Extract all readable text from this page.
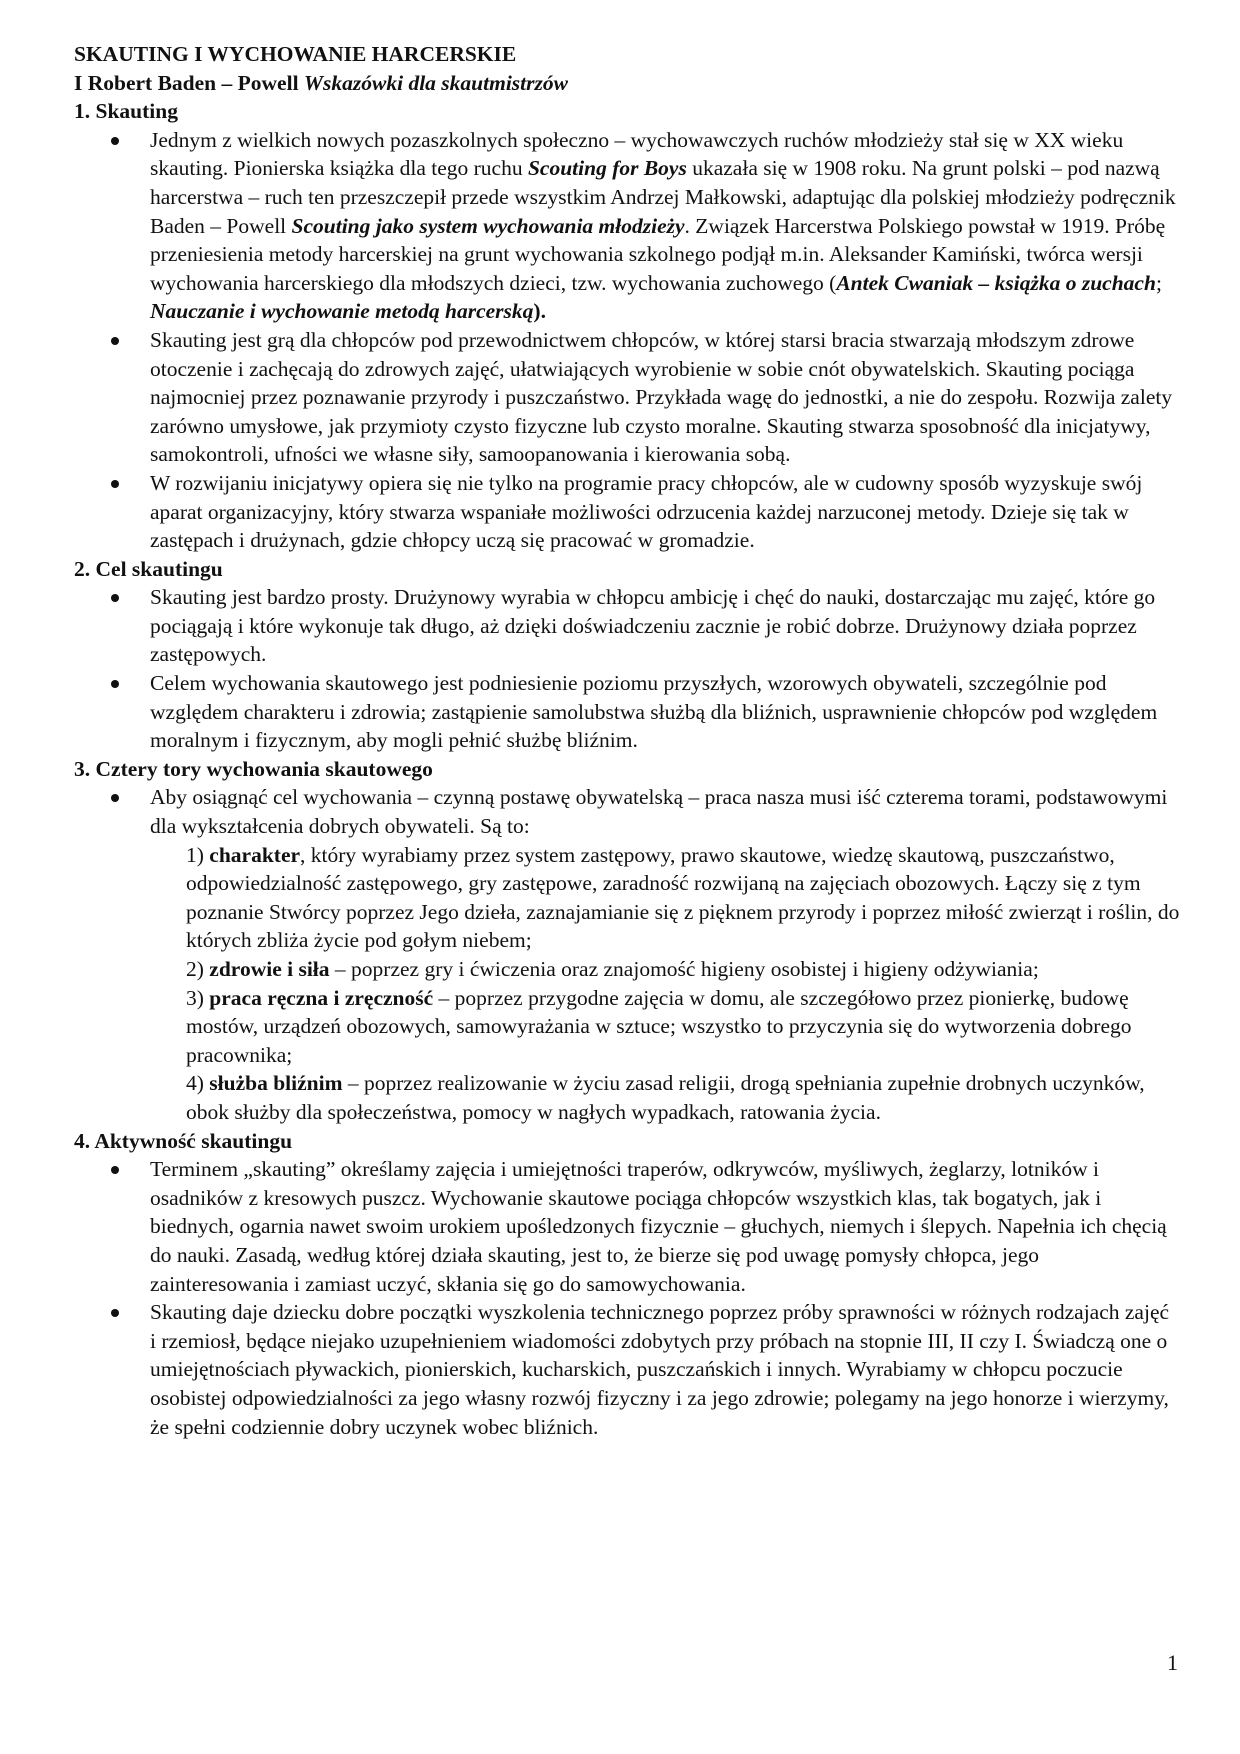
SKAUTING I WYCHOWANIE HARCERSKIE

I Robert Baden – Powell Wskazówki dla skautmistrzów

1. Skauting

Jednym z wielkich nowych pozaszkolnych społeczno – wychowawczych ruchów młodzieży stał się w XX wieku skauting. Pionierska książka dla tego ruchu Scouting for Boys ukazała się w 1908 roku. Na grunt polski – pod nazwą harcerstwa – ruch ten przeszczepił przede wszystkim Andrzej Małkowski, adaptując dla polskiej młodzieży podręcznik Baden – Powell Scouting jako system wychowania młodzieży. Związek Harcerstwa Polskiego powstał w 1919. Próbę przeniesienia metody harcerskiej na grunt wychowania szkolnego podjął m.in. Aleksander Kamiński, twórca wersji wychowania harcerskiego dla młodszych dzieci, tzw. wychowania zuchowego (Antek Cwaniak – książka o zuchach; Nauczanie i wychowanie metodą harcerską).
Skauting jest grą dla chłopców pod przewodnictwem chłopców, w której starsi bracia stwarzają młodszym zdrowe otoczenie i zachęcają do zdrowych zajęć, ułatwiających wyrobienie w sobie cnót obywatelskich. Skauting pociąga najmocniej przez poznawanie przyrody i puszczaństwo. Przykłada wagę do jednostki, a nie do zespołu. Rozwija zalety zarówno umysłowe, jak przymioty czysto fizyczne lub czysto moralne. Skauting stwarza sposobność dla inicjatywy, samokontroli, ufności we własne siły, samoopanowania i kierowania sobą.
W rozwijaniu inicjatywy opiera się nie tylko na programie pracy chłopców, ale w cudowny sposób wyzyskuje swój aparat organizacyjny, który stwarza wspaniałe możliwości odrzucenia każdej narzuconej metody. Dzieje się tak w zastępach i drużynach, gdzie chłopcy uczą się pracować w gromadzie.

2. Cel skautingu

Skauting jest bardzo prosty. Drużynowy wyrabia w chłopcu ambicję i chęć do nauki, dostarczając mu zajęć, które go pociągają i które wykonuje tak długo, aż dzięki doświadczeniu zacznie je robić dobrze. Drużynowy działa poprzez zastępowych.
Celem wychowania skautowego jest podniesienie poziomu przyszłych, wzorowych obywateli, szczególnie pod względem charakteru i zdrowia; zastąpienie samolubstwa służbą dla bliźnich, usprawnienie chłopców pod względem moralnym i fizycznym, aby mogli pełnić służbę bliźnim.

3. Cztery tory wychowania skautowego

Aby osiągnąć cel wychowania – czynną postawę obywatelską – praca nasza musi iść czterema torami, podstawowymi dla wykształcenia dobrych obywateli. Są to:
1) charakter, który wyrabiamy przez system zastępowy, prawo skautowe, wiedzę skautową, puszczaństwo, odpowiedzialność zastępowego, gry zastępowe, zaradność rozwijaną na zajęciach obozowych. Łączy się z tym poznanie Stwórcy poprzez Jego dzieła, zaznajamianie się z pięknem przyrody i poprzez miłość zwierząt i roślin, do których zbliża życie pod gołym niebem;
2) zdrowie i siła – poprzez gry i ćwiczenia oraz znajomość higieny osobistej i higieny odżywiania;
3) praca ręczna i zręczność – poprzez przygodne zajęcia w domu, ale szczegółowo przez pionierkę, budowę mostów, urządzeń obozowych, samowyrażania w sztuce; wszystko to przyczynia się do wytworzenia dobrego pracownika;
4) służba bliźnim – poprzez realizowanie w życiu zasad religii, drogą spełniania zupełnie drobnych uczynków, obok służby dla społeczeństwa, pomocy w nagłych wypadkach, ratowania życia.

4. Aktywność skautingu

Terminem „skauting” określamy zajęcia i umiejętności traperów, odkrywców, myśliwych, żeglarzy, lotników i osadników z kresowych puszcz. Wychowanie skautowe pociąga chłopców wszystkich klas, tak bogatych, jak i biednych, ogarnia nawet swoim urokiem upośledzonych fizycznie – głuchych, niemych i ślepych. Napełnia ich chęcią do nauki. Zasadą, według której działa skauting, jest to, że bierze się pod uwagę pomysły chłopca, jego zainteresowania i zamiast uczyć, skłania się go do samowychowania.
Skauting daje dziecku dobre początki wyszkolenia technicznego poprzez próby sprawności w różnych rodzajach zajęć i rzemiosł, będące niejako uzupełnieniem wiadomości zdobytych przy próbach na stopnie III, II czy I. Świadczą one o umiejętnościach pływackich, pionierskich, kucharskich, puszczańskich i innych. Wyrabiamy w chłopcu poczucie osobistej odpowiedzialności za jego własny rozwój fizyczny i za jego zdrowie; polegamy na jego honorze i wierzymy, że spełni codziennie dobry uczynek wobec bliźnich.
1
